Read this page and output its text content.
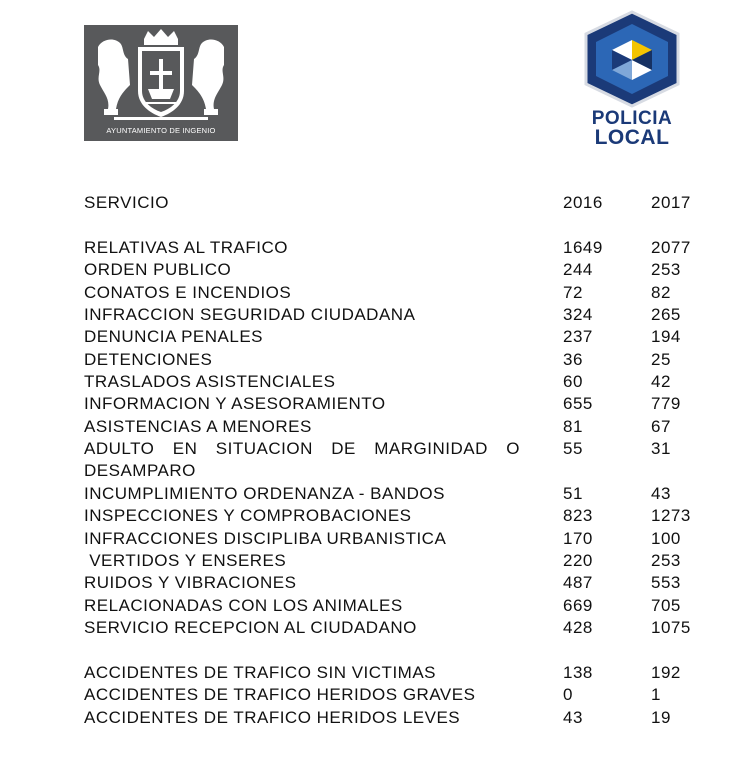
AYUNTAMIENTO DE INGENIO
POLICIA
LOCAL
SERVICIO	2016	2017
RELATIVAS AL TRAFICO	1649	2077
ORDEN PUBLICO	244	253
CONATOS E INCENDIOS	72	82
INFRACCION SEGURIDAD CIUDADANA	324	265
DENUNCIA PENALES	237	194
DETENCIONES	36	25
TRASLADOS ASISTENCIALES	60	42
INFORMACION Y ASESORAMIENTO	655	779
ASISTENCIAS A MENORES	81	67
ADULTO EN SITUACION DE MARGINIDAD O	55	31
DESAMPARO
INCUMPLIMIENTO ORDENANZA - BANDOS	51	43
INSPECCIONES Y COMPROBACIONES	823	1273
INFRACCIONES DISCIPLIBA URBANISTICA	170	100
VERTIDOS Y ENSERES	220	253
RUIDOS Y VIBRACIONES	487	553
RELACIONADAS CON LOS ANIMALES	669	705
SERVICIO RECEPCION AL CIUDADANO	428	1075
ACCIDENTES DE TRAFICO SIN VICTIMAS	138	192
ACCIDENTES DE TRAFICO HERIDOS GRAVES	0	1
ACCIDENTES DE TRAFICO HERIDOS LEVES	43	19
